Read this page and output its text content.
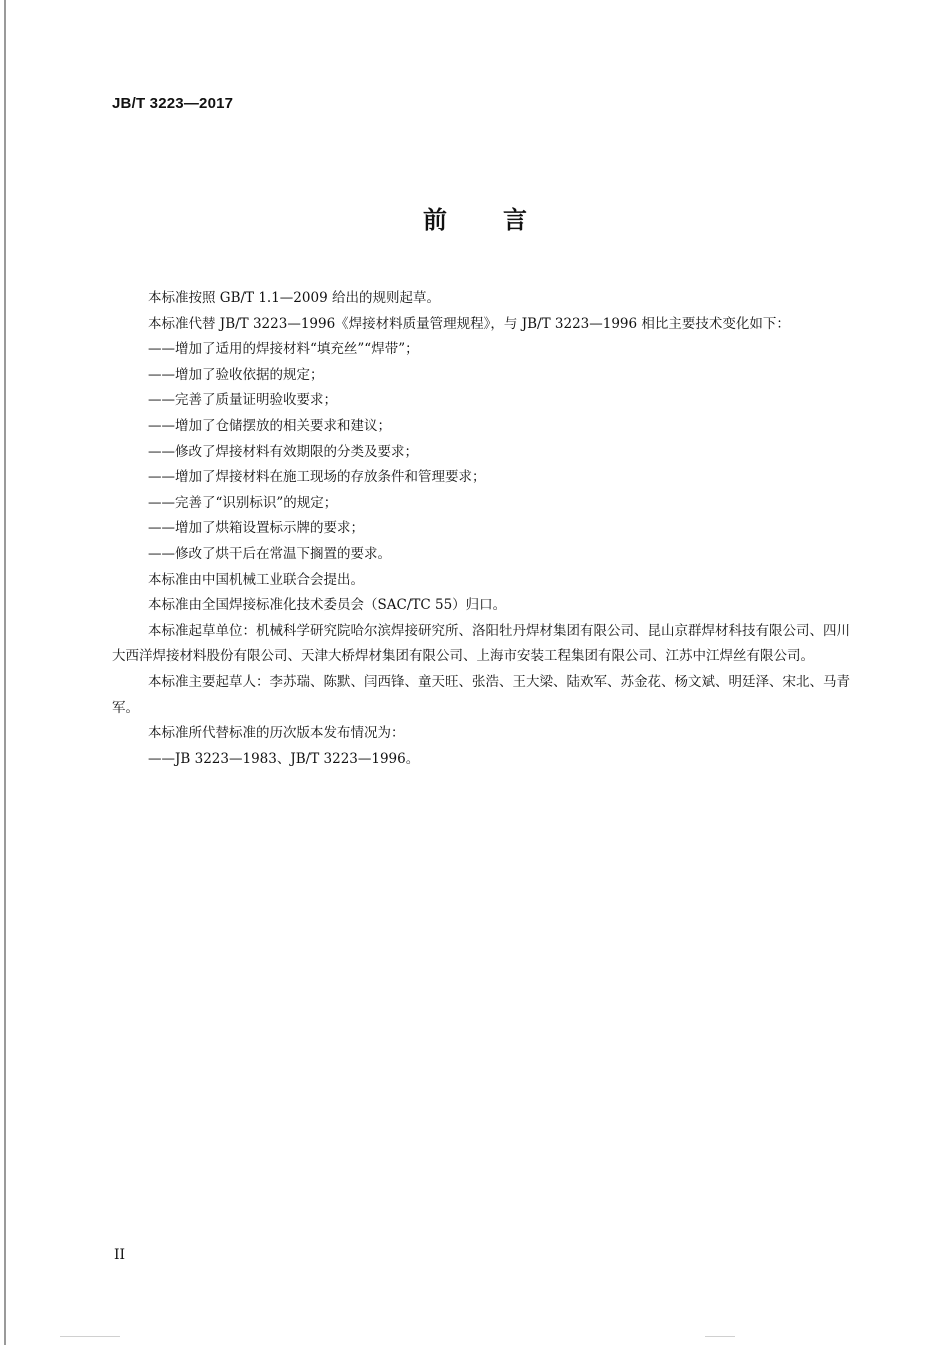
JB/T 3223—2017
前言

本标准按照 GB/T 1.1—2009 给出的规则起草。

本标准代替 JB/T 3223—1996《焊接材料质量管理规程》，与 JB/T 3223—1996 相比主要技术变化如下：

——增加了适用的焊接材料“填充丝”“焊带”；

——增加了验收依据的规定；

——完善了质量证明验收要求；

——增加了仓储摆放的相关要求和建议；

——修改了焊接材料有效期限的分类及要求；

——增加了焊接材料在施工现场的存放条件和管理要求；

——完善了“识别标识”的规定；

——增加了烘箱设置标示牌的要求；

——修改了烘干后在常温下搁置的要求。

本标准由中国机械工业联合会提出。

本标准由全国焊接标准化技术委员会（SAC/TC 55）归口。

本标准起草单位：机械科学研究院哈尔滨焊接研究所、洛阳牡丹焊材集团有限公司、昆山京群焊材科技有限公司、四川大西洋焊接材料股份有限公司、天津大桥焊材集团有限公司、上海市安装工程集团有限公司、江苏中江焊丝有限公司。

本标准主要起草人：李苏瑞、陈默、闫西锋、童天旺、张浩、王大梁、陆欢军、苏金花、杨文斌、明廷泽、宋北、马青军。

本标准所代替标准的历次版本发布情况为：

——JB 3223—1983、JB/T 3223—1996。

II
